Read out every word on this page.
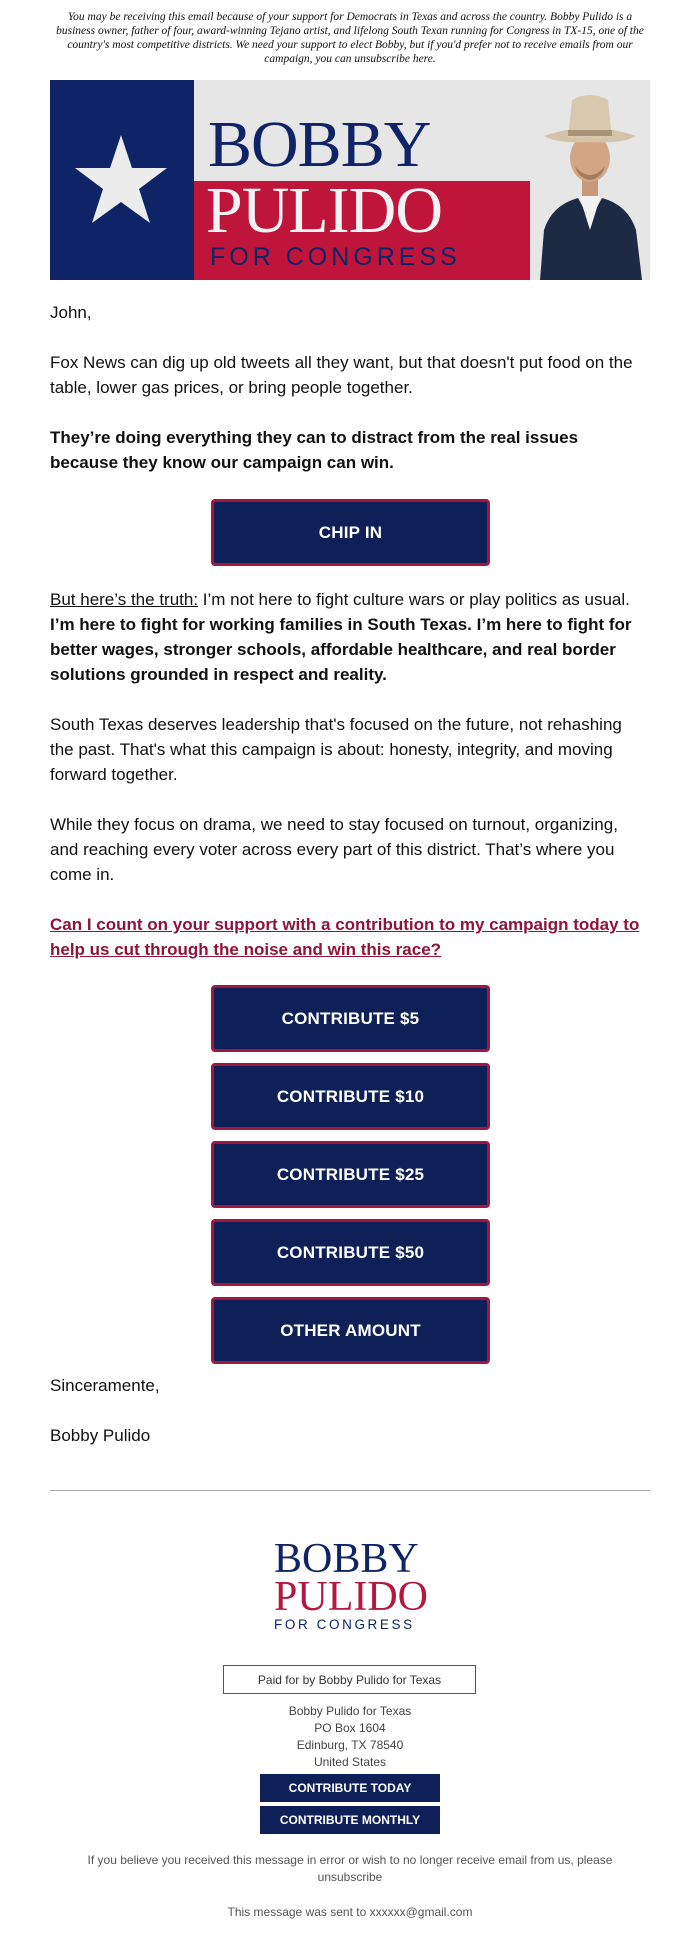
You may be receiving this email because of your support for Democrats in Texas and across the country. Bobby Pulido is a business owner, father of four, award-winning Tejano artist, and lifelong South Texan running for Congress in TX-15, one of the country's most competitive districts. We need your support to elect Bobby, but if you'd prefer not to receive emails from our campaign, you can unsubscribe here.
BOBBY
PULIDO
FOR CONGRESS
John,
Fox News can dig up old tweets all they want, but that doesn't put food on the table, lower gas prices, or bring people together.
They’re doing everything they can to distract from the real issues because they know our campaign can win.
CHIP IN
But here’s the truth: I’m not here to fight culture wars or play politics as usual. I’m here to fight for working families in South Texas. I’m here to fight for better wages, stronger schools, affordable healthcare, and real border solutions grounded in respect and reality.
South Texas deserves leadership that's focused on the future, not rehashing the past. That's what this campaign is about: honesty, integrity, and moving forward together.
While they focus on drama, we need to stay focused on turnout, organizing, and reaching every voter across every part of this district. That’s where you come in.
Can I count on your support with a contribution to my campaign today to help us cut through the noise and win this race?
CONTRIBUTE $5
CONTRIBUTE $10
CONTRIBUTE $25
CONTRIBUTE $50
OTHER AMOUNT
Sinceramente,
Bobby Pulido
BOBBY
PULIDO
FOR CONGRESS
Paid for by Bobby Pulido for Texas
Bobby Pulido for Texas
PO Box 1604
Edinburg, TX 78540
United States
CONTRIBUTE TODAY
CONTRIBUTE MONTHLY
If you believe you received this message in error or wish to no longer receive email from us, please unsubscribe
This message was sent to xxxxxx@gmail.com
